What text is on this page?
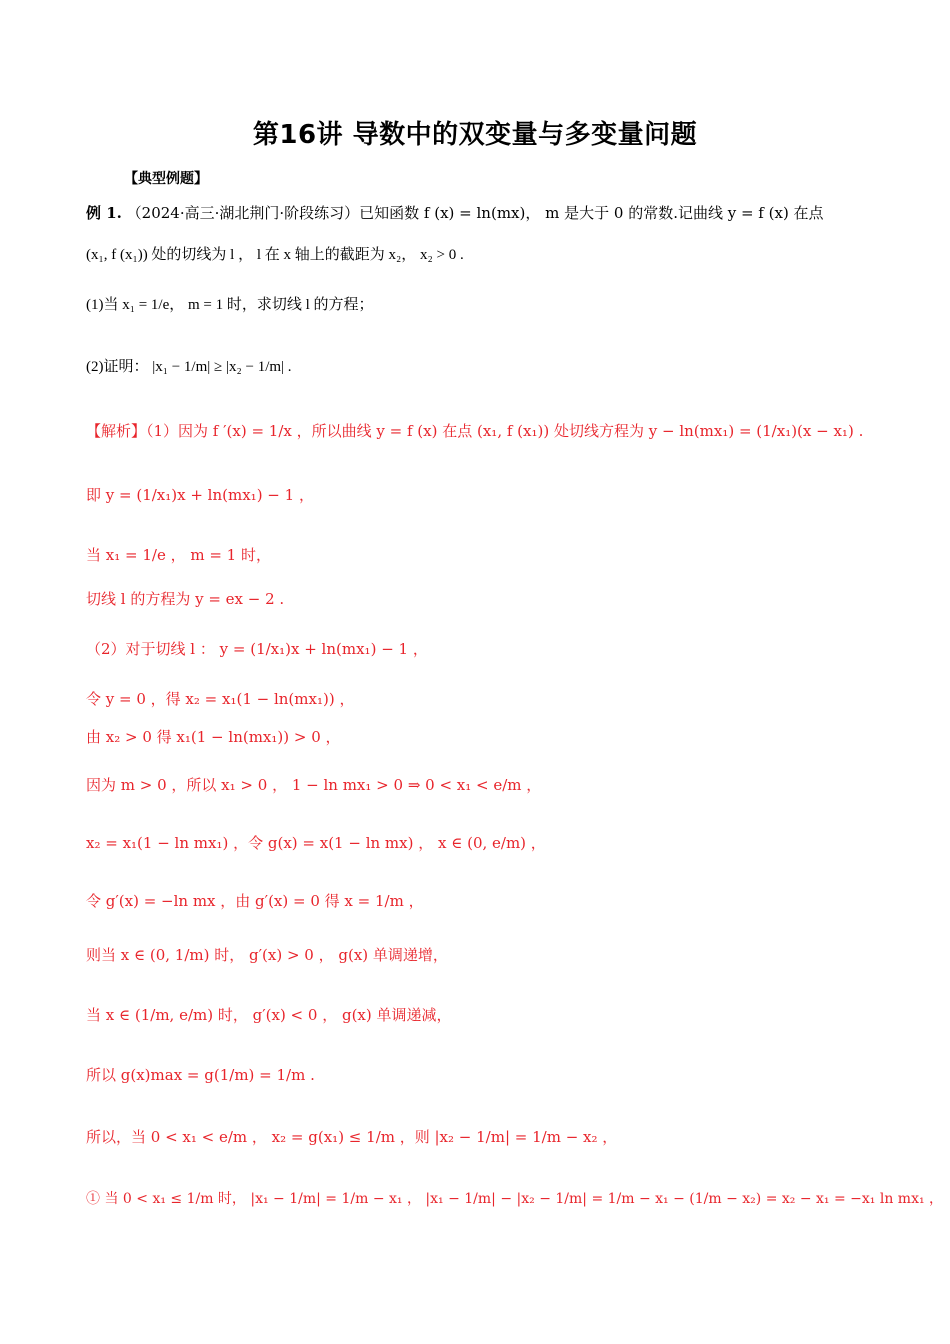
第16讲 导数中的双变量与多变量问题
【典型例题】
例 1. （2024·高三·湖北荆门·阶段练习）已知函数 f (x) = ln(mx)， m 是大于 0 的常数.记曲线 y = f (x) 在点
(x₁, f (x₁)) 处的切线为 l ， l 在 x 轴上的截距为 x₂， x₂ > 0 .
(1)当 x₁ = 1/e， m = 1 时，求切线 l 的方程；
(2)证明： |x₁ − 1/m| ≥ |x₂ − 1/m| .
【解析】（1）因为 f ′(x) = 1/x ，所以曲线 y = f (x) 在点 (x₁, f (x₁)) 处切线方程为 y − ln(mx₁) = (1/x₁)(x − x₁) .
即 y = (1/x₁)x + ln(mx₁) − 1 ，
当 x₁ = 1/e ， m = 1 时，
切线 l 的方程为 y = ex − 2 .
（2）对于切线 l ： y = (1/x₁)x + ln(mx₁) − 1 ，
令 y = 0 ，得 x₂ = x₁(1 − ln(mx₁)) ，
由 x₂ > 0 得 x₁(1 − ln(mx₁)) > 0 ，
因为 m > 0 ，所以 x₁ > 0 ， 1 − ln mx₁ > 0 ⇒ 0 < x₁ < e/m ，
x₂ = x₁(1 − ln mx₁) ，令 g(x) = x(1 − ln mx) ， x ∈ (0, e/m) ，
令 g′(x) = −ln mx ，由 g′(x) = 0 得 x = 1/m ，
则当 x ∈ (0, 1/m) 时， g′(x) > 0 ， g(x) 单调递增，
当 x ∈ (1/m, e/m) 时， g′(x) < 0 ， g(x) 单调递减，
所以 g(x)max = g(1/m) = 1/m .
所以，当 0 < x₁ < e/m ， x₂ = g(x₁) ≤ 1/m ，则 |x₂ − 1/m| = 1/m − x₂ ，
① 当 0 < x₁ ≤ 1/m 时， |x₁ − 1/m| = 1/m − x₁ ， |x₁ − 1/m| − |x₂ − 1/m| = 1/m − x₁ − (1/m − x₂) = x₂ − x₁ = −x₁ ln mx₁ ，
